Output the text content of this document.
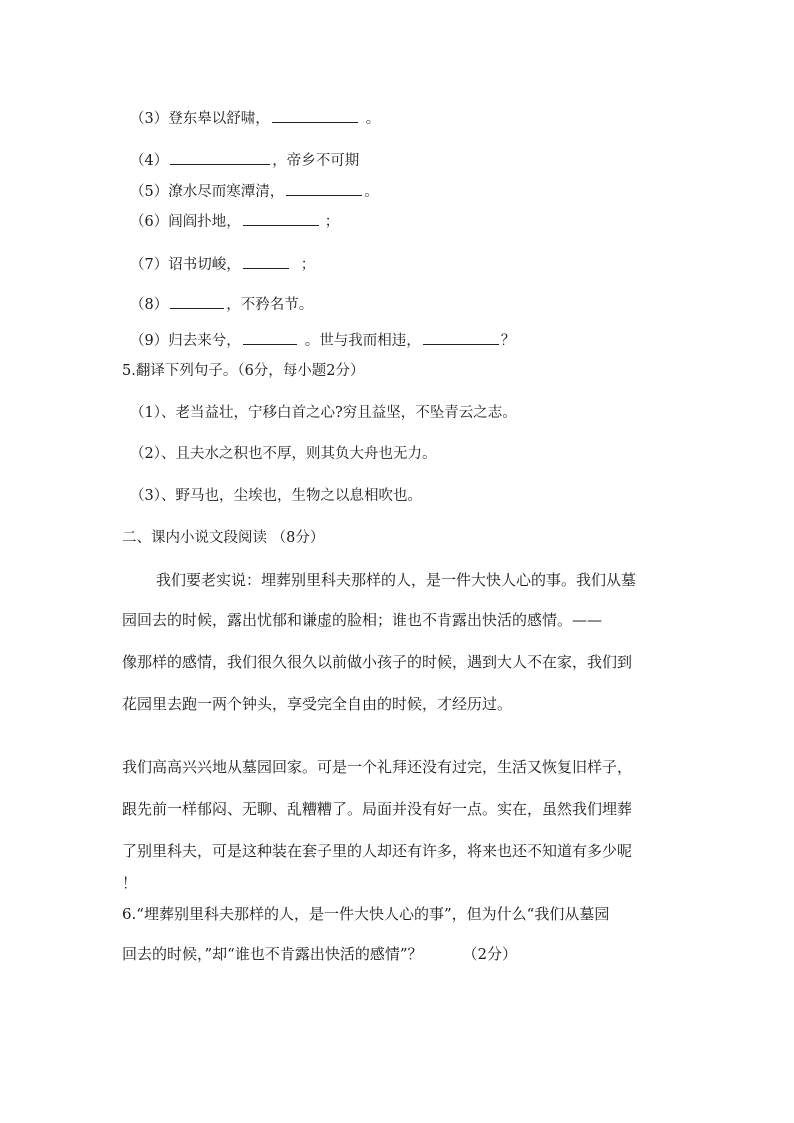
（3）登东皋以舒啸，	。
（4）	，帝乡不可期
（5）潦水尽而寒潭清，	。
（6）闾阎扑地，	；
（7）诏书切峻，	；
（8）	，不矜名节。
（9）归去来兮，	。世与我而相违，	？
5.翻译下列句子。（6分，每小题2分）
（1）、老当益壮，宁移白首之心?穷且益坚，不坠青云之志。
（2）、且夫水之积也不厚，则其负大舟也无力。
（3）、野马也，尘埃也，生物之以息相吹也。
二、课内小说文段阅读 （8分）
我们要老实说：埋葬别里科夫那样的人，是一件大快人心的事。我们从墓
园回去的时候，露出忧郁和谦虚的脸相；谁也不肯露出快活的感情。——
像那样的感情，我们很久很久以前做小孩子的时候，遇到大人不在家，我们到
花园里去跑一两个钟头，享受完全自由的时候，才经历过。
我们高高兴兴地从墓园回家。可是一个礼拜还没有过完，生活又恢复旧样子，
跟先前一样郁闷、无聊、乱糟糟了。局面并没有好一点。实在，虽然我们埋葬
了别里科夫，可是这种装在套子里的人却还有许多，将来也还不知道有多少呢
！
6.“埋葬别里科夫那样的人，是一件大快人心的事”，但为什么“我们从墓园
回去的时候，”却“谁也不肯露出快活的感情”？	（2分）
